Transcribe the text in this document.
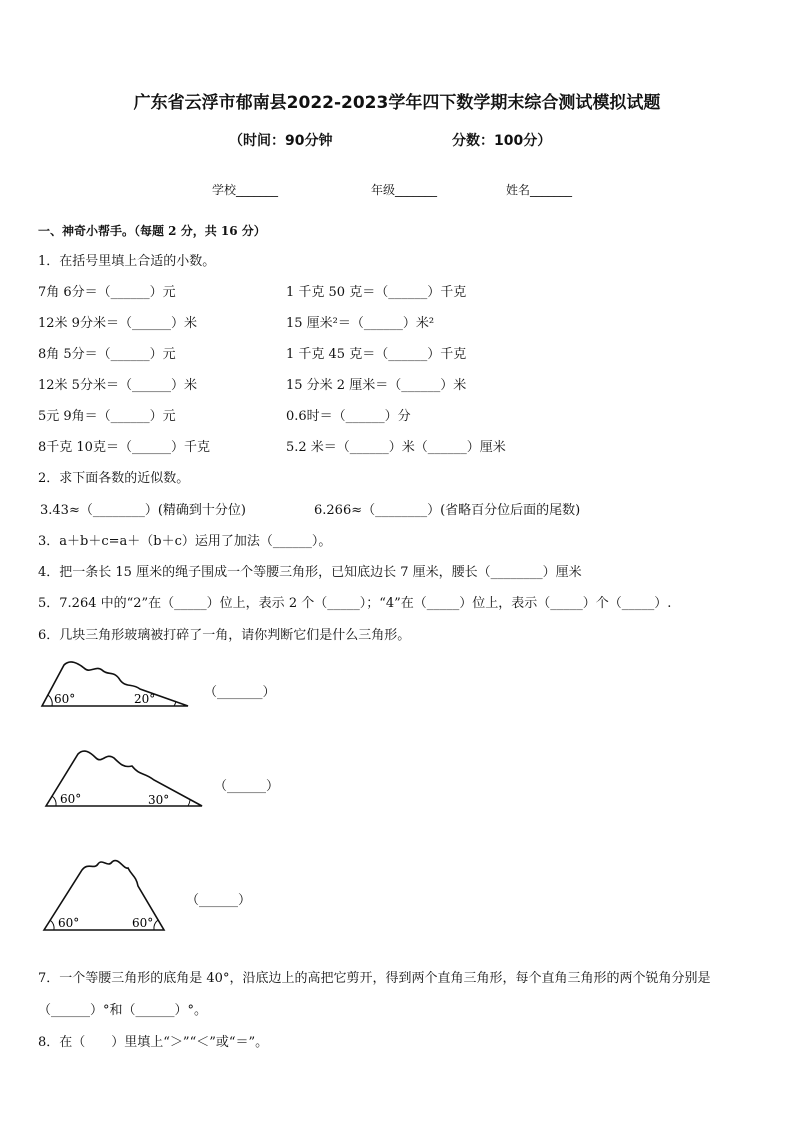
广东省云浮市郁南县2022-2023学年四下数学期末综合测试模拟试题
（时间：90分钟	分数：100分）
学校_______	年级_______	姓名_______
一、神奇小帮手。（每题 2 分，共 16 分）
1．在括号里填上合适的小数。
7角 6分＝（______）元	1 千克 50 克＝（______）千克
12米 9分米＝（______）米	15 厘米²＝（______）米²
8角 5分＝（______）元	1 千克 45 克＝（______）千克
12米 5分米＝（______）米	15 分米 2 厘米＝（______）米
5元 9角＝（______）元	0.6时＝（______）分
8千克 10克＝（______）千克	5.2 米＝（______）米（______）厘米
2．求下面各数的近似数。
3.43≈（________）(精确到十分位)	6.266≈（________）(省略百分位后面的尾数)
3．a＋b＋c=a＋（b＋c）运用了加法（______）。
4．把一条长 15 厘米的绳子围成一个等腰三角形，已知底边长 7 厘米，腰长（________）厘米
5．7.264 中的“2”在（_____）位上，表示 2 个（_____）；“4”在（_____）位上，表示（_____）个（_____）.
6．几块三角形玻璃被打碎了一角，请你判断它们是什么三角形。
60°	20°	（_______）
60°	30°
（______）
60°	60°
（______）
7．一个等腰三角形的底角是 40°，沿底边上的高把它剪开，得到两个直角三角形，每个直角三角形的两个锐角分别是
（______）°和（______）°。
8．在（　　）里填上“＞”“＜”或“＝”。
